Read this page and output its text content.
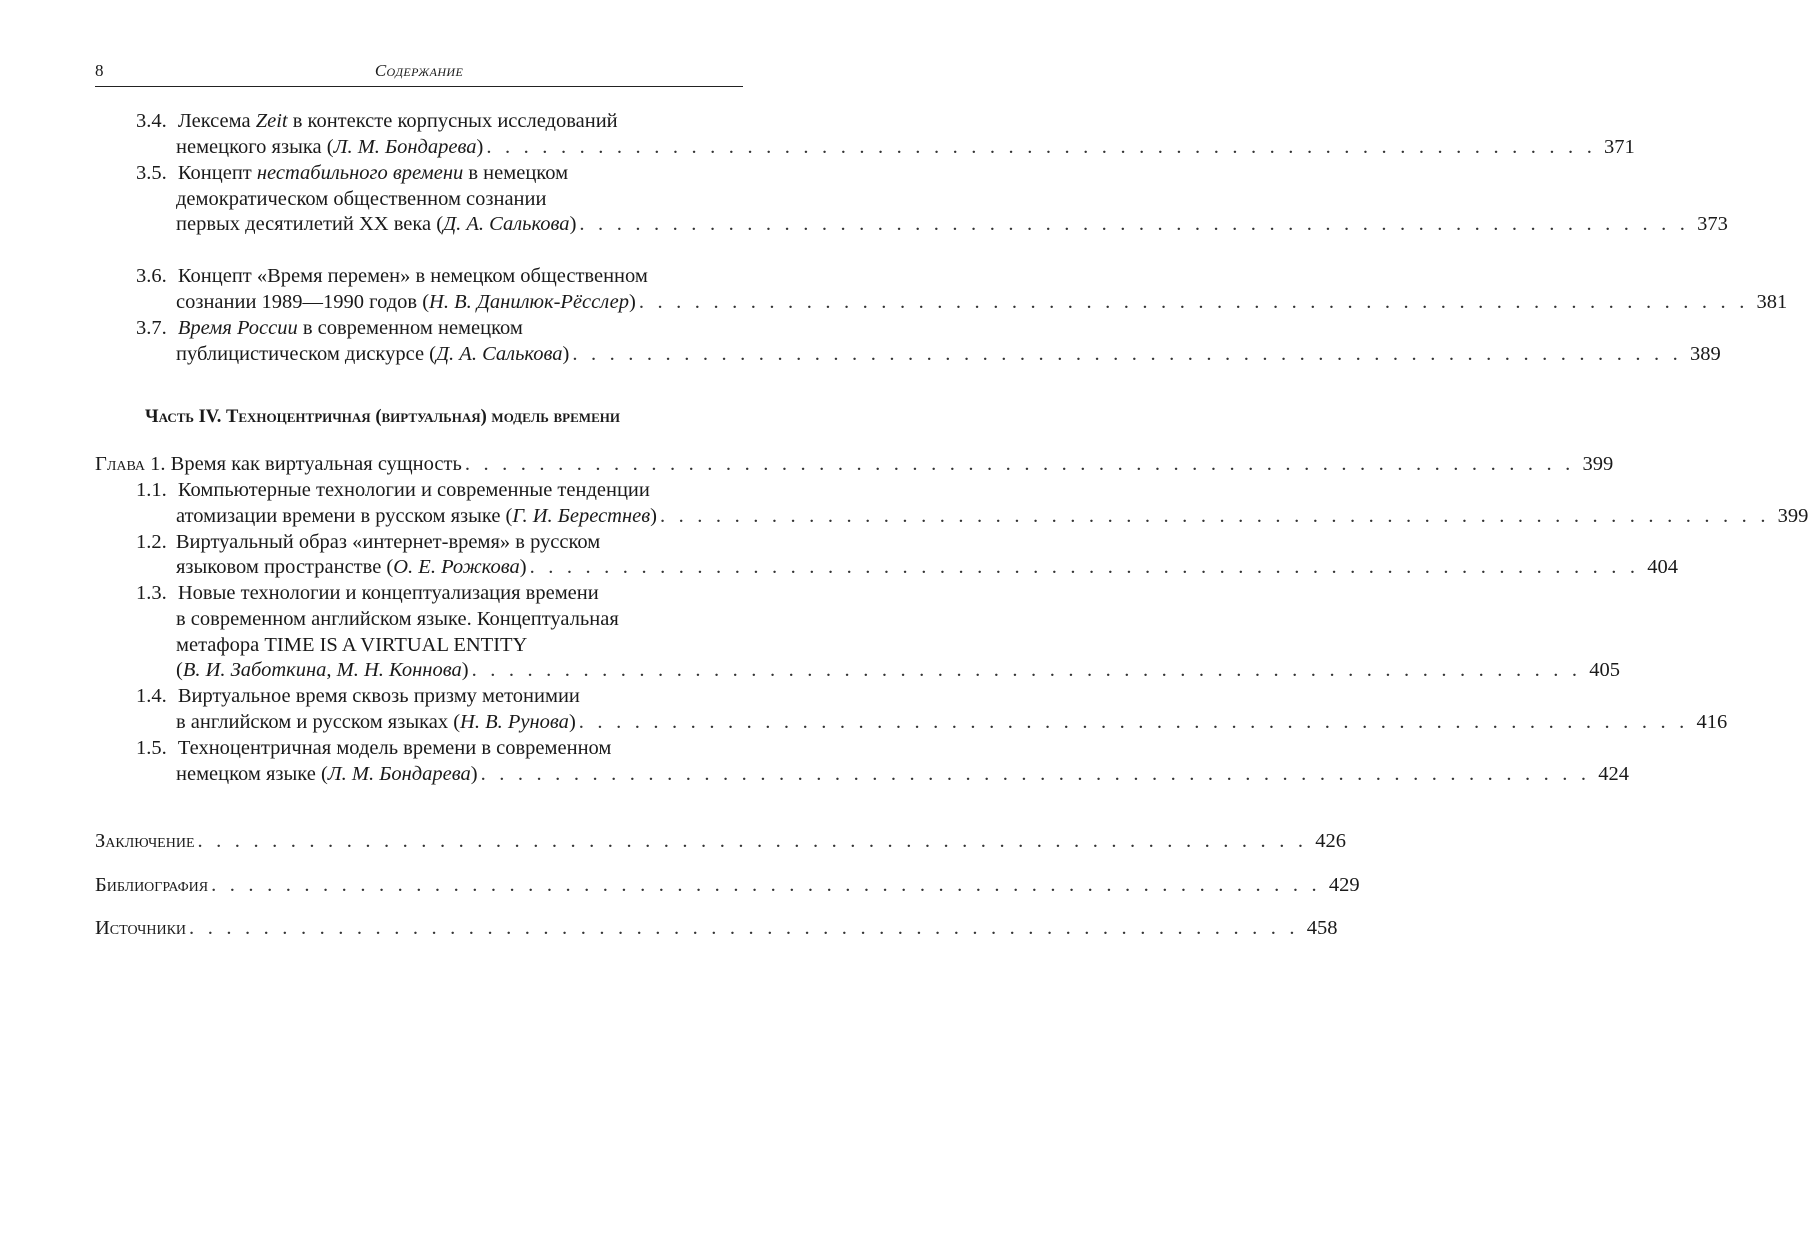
8	Содержание
3.4. Лексема Zeit в контексте корпусных исследований
немецкого языка (Л. М. Бондарева) . . . . . . . . . . . . . . . . . . . . . . . . . . . . . . . . . . . . . . . . . . . . . . . . . . . . . . . . . . . . 371
3.5. Концепт нестабильного времени в немецком
демократическом общественном сознании
первых десятилетий XX века (Д. А. Салькова) . . . . . . . . . . . . . . . . . . . . . . . . . . . . . . . . . . . . . . . . . . . . . . . . . . . . . . . . . . . . 373
3.6. Концепт «Время перемен» в немецком общественном
сознании 1989—1990 годов (Н. В. Данилюк-Рёсслер) . . . . . . . . . . . . . . . . . . . . . . . . . . . . . . . . . . . . . . . . . . . . . . . . . . . . . . . . . . . . 381
3.7. Время России в современном немецком
публицистическом дискурсе (Д. А. Салькова) . . . . . . . . . . . . . . . . . . . . . . . . . . . . . . . . . . . . . . . . . . . . . . . . . . . . . . . . . . . . 389
Часть IV. Техноцентричная (виртуальная) модель времени
Глава 1. Время как виртуальная сущность . . . . . . . . . . . . . . . . . . . . . . . . . . . . . . . . . . . . . . . . . . . . . . . . . . . . . . . . . . . . 399
1.1. Компьютерные технологии и современные тенденции
атомизации времени в русском языке (Г. И. Берестнев) . . . . . . . . . . . . . . . . . . . . . . . . . . . . . . . . . . . . . . . . . . . . . . . . . . . . . . . . . . . . 399
1.2. Виртуальный образ «интернет-время» в русском
языковом пространстве (О. Е. Рожкова) . . . . . . . . . . . . . . . . . . . . . . . . . . . . . . . . . . . . . . . . . . . . . . . . . . . . . . . . . . . . 404
1.3. Новые технологии и концептуализация времени
в современном английском языке. Концептуальная
метафора TIME IS A VIRTUAL ENTITY
(В. И. Заботкина, М. Н. Коннова) . . . . . . . . . . . . . . . . . . . . . . . . . . . . . . . . . . . . . . . . . . . . . . . . . . . . . . . . . . . . 405
1.4. Виртуальное время сквозь призму метонимии
в английском и русском языках (Н. В. Рунова) . . . . . . . . . . . . . . . . . . . . . . . . . . . . . . . . . . . . . . . . . . . . . . . . . . . . . . . . . . . . 416
1.5. Техноцентричная модель времени в современном
немецком языке (Л. М. Бондарева) . . . . . . . . . . . . . . . . . . . . . . . . . . . . . . . . . . . . . . . . . . . . . . . . . . . . . . . . . . . . 424
Заключение . . . . . . . . . . . . . . . . . . . . . . . . . . . . . . . . . . . . . . . . . . . . . . . . . . . . . . . . . . . . 426
Библиография . . . . . . . . . . . . . . . . . . . . . . . . . . . . . . . . . . . . . . . . . . . . . . . . . . . . . . . . . . . . 429
Источники . . . . . . . . . . . . . . . . . . . . . . . . . . . . . . . . . . . . . . . . . . . . . . . . . . . . . . . . . . . . 458
